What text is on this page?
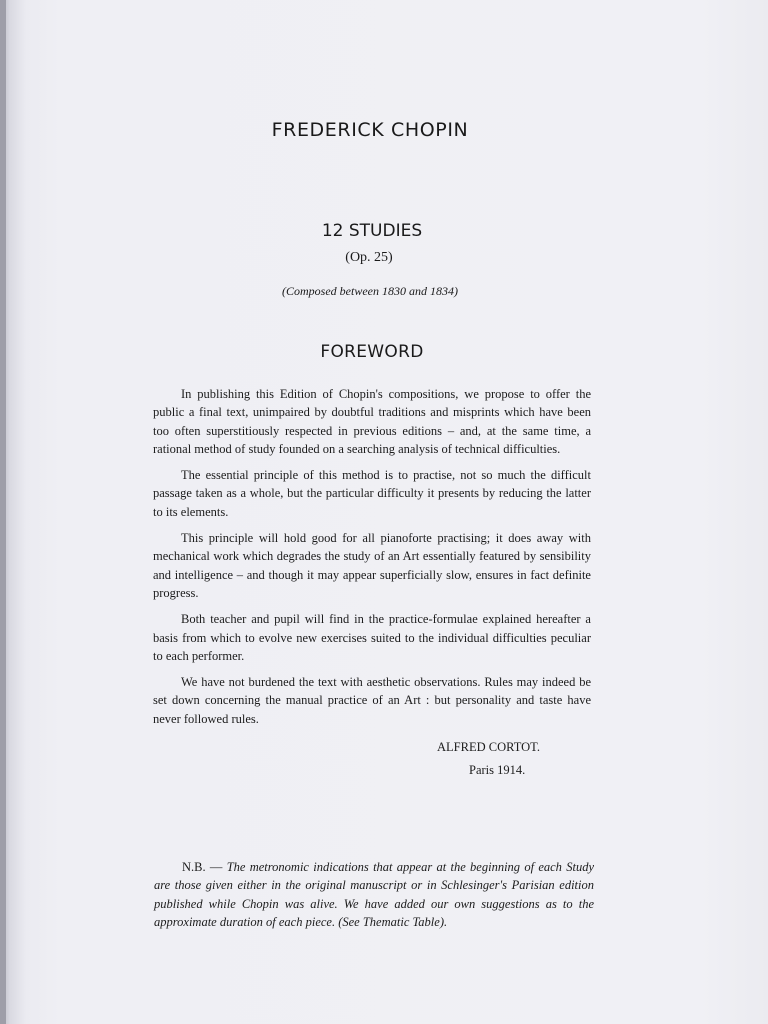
FREDERICK CHOPIN
12 STUDIES
(Op. 25)
(Composed between 1830 and 1834)
FOREWORD

In publishing this Edition of Chopin's compositions, we propose to offer the public a final text, unimpaired by doubtful traditions and misprints which have been too often superstitiously respected in previous editions – and, at the same time, a rational method of study founded on a searching analysis of technical difficulties.

The essential principle of this method is to practise, not so much the difficult passage taken as a whole, but the particular difficulty it presents by reducing the latter to its elements.

This principle will hold good for all pianoforte practising; it does away with mechanical work which degrades the study of an Art essentially featured by sensibility and intelligence – and though it may appear superficially slow, ensures in fact definite progress.

Both teacher and pupil will find in the practice-formulae explained hereafter a basis from which to evolve new exercises suited to the individual difficulties peculiar to each performer.

We have not burdened the text with aesthetic observations. Rules may indeed be set down concerning the manual practice of an Art : but personality and taste have never followed rules.

ALFRED CORTOT.
Paris 1914.
N.B. — The metronomic indications that appear at the beginning of each Study are those given either in the original manuscript or in Schlesinger's Parisian edition published while Chopin was alive. We have added our own suggestions as to the approximate duration of each piece. (See Thematic Table).
